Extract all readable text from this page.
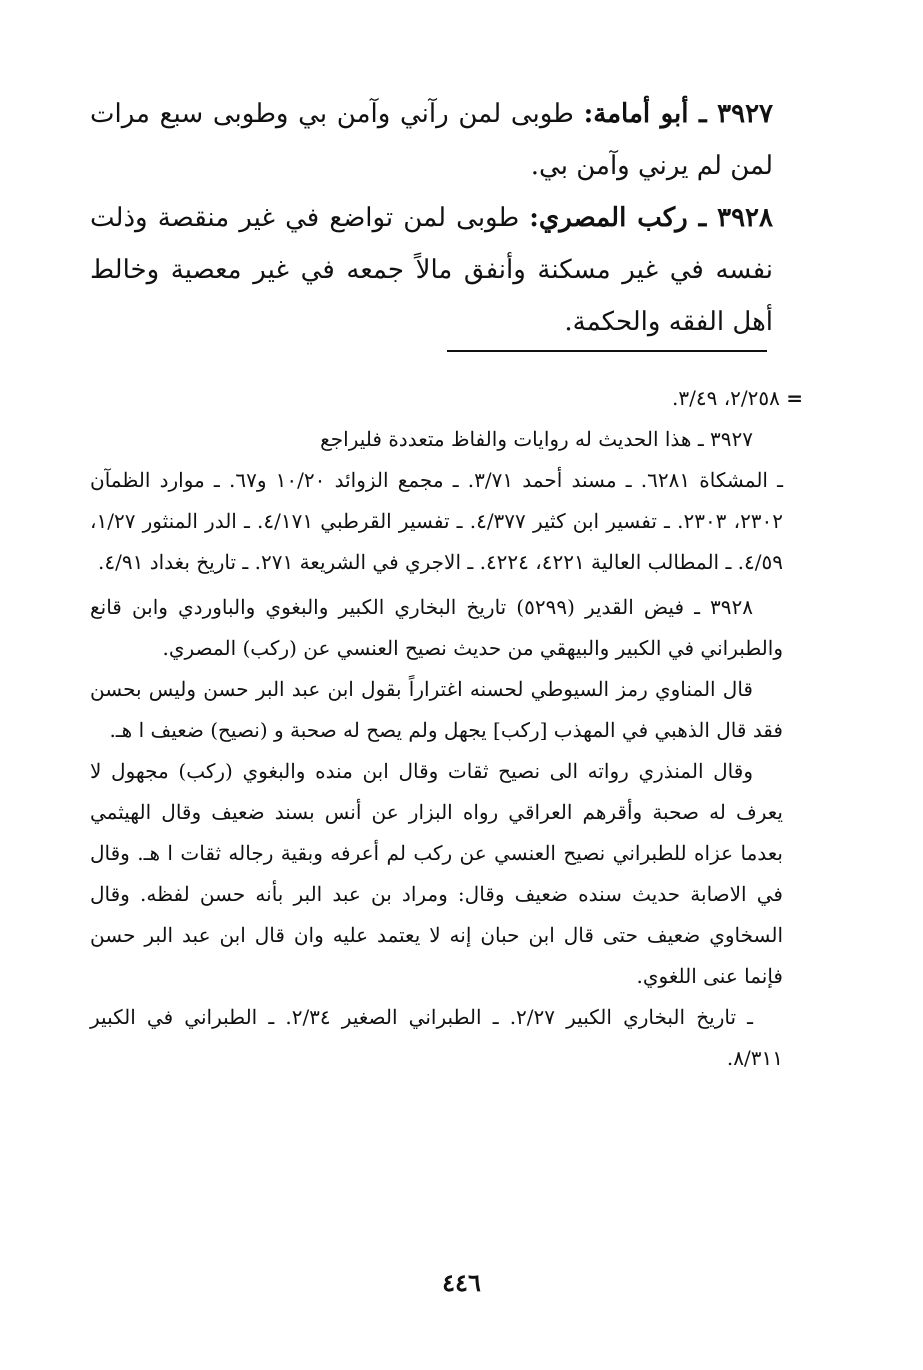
٣٩٢٧ ـ أبو أمامة: طوبى لمن رآني وآمن بي وطوبى سبع مرات لمن لم يرني وآمن بي.

٣٩٢٨ ـ ركب المصري: طوبى لمن تواضع في غير منقصة وذلت نفسه في غير مسكنة وأنفق مالاً جمعه في غير معصية وخالط أهل الفقه والحكمة.

= ٢/٢٥٨، ٣/٤٩.

٣٩٢٧ ـ هذا الحديث له روايات والفاظ متعددة فليراجع

ـ المشكاة ٦٢٨١. ـ مسند أحمد ٣/٧١. ـ مجمع الزوائد ١٠/٢٠ و٦٧. ـ موارد الظمآن ٢٣٠٢، ٢٣٠٣. ـ تفسير ابن كثير ٤/٣٧٧. ـ تفسير القرطبي ٤/١٧١. ـ الدر المنثور ١/٢٧، ٤/٥٩. ـ المطالب العالية ٤٢٢١، ٤٢٢٤. ـ الاجري في الشريعة ٢٧١. ـ تاريخ بغداد ٤/٩١.

٣٩٢٨ ـ فيض القدير (٥٢٩٩) تاريخ البخاري الكبير والبغوي والباوردي وابن قانع والطبراني في الكبير والبيهقي من حديث نصيح العنسي عن (ركب) المصري.

قال المناوي رمز السيوطي لحسنه اغتراراً بقول ابن عبد البر حسن وليس بحسن فقد قال الذهبي في المهذب [ركب] يجهل ولم يصح له صحبة و (نصيح) ضعيف ا هـ.

وقال المنذري رواته الى نصيح ثقات وقال ابن منده والبغوي (ركب) مجهول لا يعرف له صحبة وأقرهم العراقي رواه البزار عن أنس بسند ضعيف وقال الهيثمي بعدما عزاه للطبراني نصيح العنسي عن ركب لم أعرفه وبقية رجاله ثقات ا هـ. وقال في الاصابة حديث سنده ضعيف وقال: ومراد بن عبد البر بأنه حسن لفظه. وقال السخاوي ضعيف حتى قال ابن حبان إنه لا يعتمد عليه وان قال ابن عبد البر حسن فإنما عنى اللغوي.

ـ تاريخ البخاري الكبير ٢/٢٧. ـ الطبراني الصغير ٢/٣٤. ـ الطبراني في الكبير ٨/٣١١.

٤٤٦
